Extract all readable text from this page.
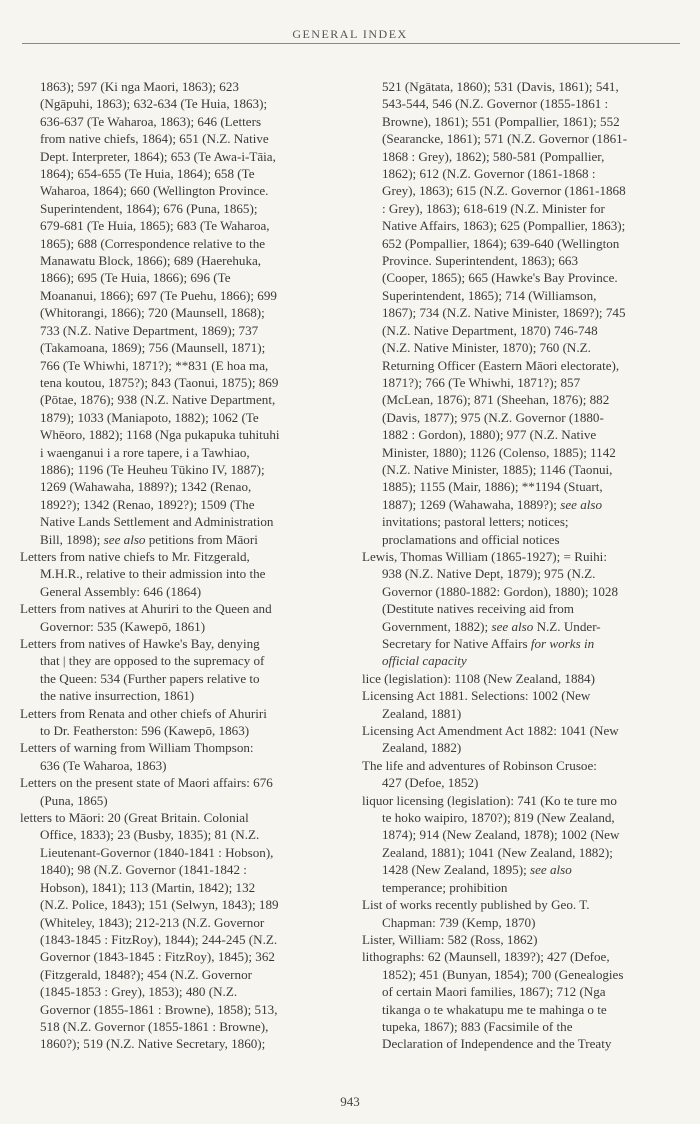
GENERAL INDEX

1863); 597 (Ki nga Maori, 1863); 623
(Ngāpuhi, 1863); 632-634 (Te Huia, 1863);
636-637 (Te Waharoa, 1863); 646 (Letters
from native chiefs, 1864); 651 (N.Z. Native
Dept. Interpreter, 1864); 653 (Te Awa-i-Tāia,
1864); 654-655 (Te Huia, 1864); 658 (Te
Waharoa, 1864); 660 (Wellington Province.
Superintendent, 1864); 676 (Puna, 1865);
679-681 (Te Huia, 1865); 683 (Te Waharoa,
1865); 688 (Correspondence relative to the
Manawatu Block, 1866); 689 (Haerehuka,
1866); 695 (Te Huia, 1866); 696 (Te
Moananui, 1866); 697 (Te Puehu, 1866); 699
(Whitorangi, 1866); 720 (Maunsell, 1868);
733 (N.Z. Native Department, 1869); 737
(Takamoana, 1869); 756 (Maunsell, 1871);
766 (Te Whiwhi, 1871?); **831 (E hoa ma,
tena koutou, 1875?); 843 (Taonui, 1875); 869
(Pōtae, 1876); 938 (N.Z. Native Department,
1879); 1033 (Maniapoto, 1882); 1062 (Te
Whēoro, 1882); 1168 (Nga pukapuka tuhituhi
i waenganui i a rore tapere, i a Tawhiao,
1886); 1196 (Te Heuheu Tūkino IV, 1887);
1269 (Wahawaha, 1889?); 1342 (Renao,
1892?); 1342 (Renao, 1892?); 1509 (The
Native Lands Settlement and Administration
Bill, 1898); see also petitions from Māori

Letters from native chiefs to Mr. Fitzgerald,
M.H.R., relative to their admission into the
General Assembly: 646 (1864)

Letters from natives at Ahuriri to the Queen and
Governor: 535 (Kawepō, 1861)

Letters from natives of Hawke's Bay, denying
that | they are opposed to the supremacy of
the Queen: 534 (Further papers relative to
the native insurrection, 1861)

Letters from Renata and other chiefs of Ahuriri
to Dr. Featherston: 596 (Kawepō, 1863)

Letters of warning from William Thompson:
636 (Te Waharoa, 1863)

Letters on the present state of Maori affairs: 676
(Puna, 1865)

letters to Māori: 20 (Great Britain. Colonial
Office, 1833); 23 (Busby, 1835); 81 (N.Z.
Lieutenant-Governor (1840-1841 : Hobson),
1840); 98 (N.Z. Governor (1841-1842 :
Hobson), 1841); 113 (Martin, 1842); 132
(N.Z. Police, 1843); 151 (Selwyn, 1843); 189
(Whiteley, 1843); 212-213 (N.Z. Governor
(1843-1845 : FitzRoy), 1844); 244-245 (N.Z.
Governor (1843-1845 : FitzRoy), 1845); 362
(Fitzgerald, 1848?); 454 (N.Z. Governor
(1845-1853 : Grey), 1853); 480 (N.Z.
Governor (1855-1861 : Browne), 1858); 513,
518 (N.Z. Governor (1855-1861 : Browne),
1860?); 519 (N.Z. Native Secretary, 1860);

521 (Ngātata, 1860); 531 (Davis, 1861); 541,
543-544, 546 (N.Z. Governor (1855-1861 :
Browne), 1861); 551 (Pompallier, 1861); 552
(Searancke, 1861); 571 (N.Z. Governor (1861-
1868 : Grey), 1862); 580-581 (Pompallier,
1862); 612 (N.Z. Governor (1861-1868 :
Grey), 1863); 615 (N.Z. Governor (1861-1868
: Grey), 1863); 618-619 (N.Z. Minister for
Native Affairs, 1863); 625 (Pompallier, 1863);
652 (Pompallier, 1864); 639-640 (Wellington
Province. Superintendent, 1863); 663
(Cooper, 1865); 665 (Hawke's Bay Province.
Superintendent, 1865); 714 (Williamson,
1867); 734 (N.Z. Native Minister, 1869?); 745
(N.Z. Native Department, 1870) 746-748
(N.Z. Native Minister, 1870); 760 (N.Z.
Returning Officer (Eastern Māori electorate),
1871?); 766 (Te Whiwhi, 1871?); 857
(McLean, 1876); 871 (Sheehan, 1876); 882
(Davis, 1877); 975 (N.Z. Governor (1880-
1882 : Gordon), 1880); 977 (N.Z. Native
Minister, 1880); 1126 (Colenso, 1885); 1142
(N.Z. Native Minister, 1885); 1146 (Taonui,
1885); 1155 (Mair, 1886); **1194 (Stuart,
1887); 1269 (Wahawaha, 1889?); see also
invitations; pastoral letters; notices;
proclamations and official notices

Lewis, Thomas William (1865-1927); = Ruihi:
938 (N.Z. Native Dept, 1879); 975 (N.Z.
Governor (1880-1882: Gordon), 1880); 1028
(Destitute natives receiving aid from
Government, 1882); see also N.Z. Under-
Secretary for Native Affairs for works in
official capacity

lice (legislation): 1108 (New Zealand, 1884)

Licensing Act 1881. Selections: 1002 (New
Zealand, 1881)

Licensing Act Amendment Act 1882: 1041 (New
Zealand, 1882)

The life and adventures of Robinson Crusoe:
427 (Defoe, 1852)

liquor licensing (legislation): 741 (Ko te ture mo
te hoko waipiro, 1870?); 819 (New Zealand,
1874); 914 (New Zealand, 1878); 1002 (New
Zealand, 1881); 1041 (New Zealand, 1882);
1428 (New Zealand, 1895); see also
temperance; prohibition

List of works recently published by Geo. T.
Chapman: 739 (Kemp, 1870)

Lister, William: 582 (Ross, 1862)

lithographs: 62 (Maunsell, 1839?); 427 (Defoe,
1852); 451 (Bunyan, 1854); 700 (Genealogies
of certain Maori families, 1867); 712 (Nga
tikanga o te whakatupu me te mahinga o te
tupeka, 1867); 883 (Facsimile of the
Declaration of Independence and the Treaty

943
